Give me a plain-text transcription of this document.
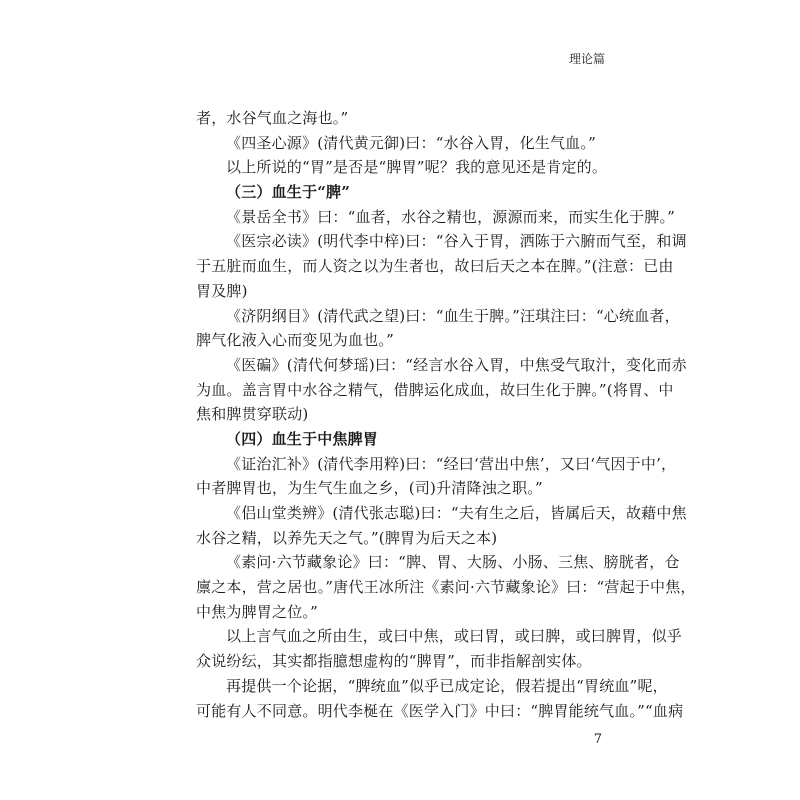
理论篇
者，水谷气血之海也。”
《四圣心源》(清代黄元御)曰：“水谷入胃，化生气血。”
以上所说的“胃”是否是“脾胃”呢？我的意见还是肯定的。
（三）血生于“脾”
《景岳全书》曰：“血者，水谷之精也，源源而来，而实生化于脾。”
《医宗必读》(明代李中梓)曰：“谷入于胃，洒陈于六腑而气至，和调
于五脏而血生，而人资之以为生者也，故曰后天之本在脾。”(注意：已由
胃及脾)
《济阴纲目》(清代武之望)曰：“血生于脾。”汪琪注曰：“心统血者，
脾气化液入心而变见为血也。”
《医碥》(清代何梦瑶)曰：“经言水谷入胃，中焦受气取汁，变化而赤
为血。盖言胃中水谷之精气，借脾运化成血，故曰生化于脾。”(将胃、中
焦和脾贯穿联动)
（四）血生于中焦脾胃
《证治汇补》(清代李用粹)曰：“经曰‘营出中焦’，又曰‘气因于中’，
中者脾胃也，为生气生血之乡，(司)升清降浊之职。”
《侣山堂类辨》(清代张志聪)曰：“夫有生之后，皆属后天，故藉中焦
水谷之精，以养先天之气。”(脾胃为后天之本)
《素问·六节藏象论》曰：“脾、胃、大肠、小肠、三焦、膀胱者，仓
廪之本，营之居也。”唐代王冰所注《素问·六节藏象论》曰：“营起于中焦，
中焦为脾胃之位。”
以上言气血之所由生，或曰中焦，或曰胃，或曰脾，或曰脾胃，似乎
众说纷纭，其实都指臆想虚构的“脾胃”，而非指解剖实体。
再提供一个论据，“脾统血”似乎已成定论，假若提出“胃统血”呢，
可能有人不同意。明代李梴在《医学入门》中曰：“脾胃能统气血。”“血病
7
